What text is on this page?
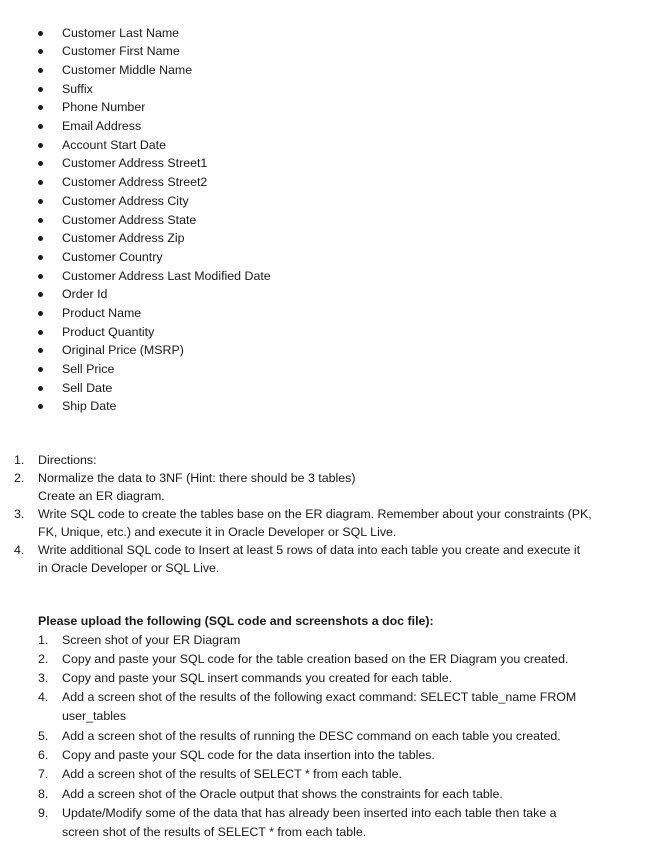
Customer Last Name
Customer First Name
Customer Middle Name
Suffix
Phone Number
Email Address
Account Start Date
Customer Address Street1
Customer Address Street2
Customer Address City
Customer Address State
Customer Address Zip
Customer Country
Customer Address Last Modified Date
Order Id
Product Name
Product Quantity
Original Price (MSRP)
Sell Price
Sell Date
Ship Date
1. Directions:
2. Normalize the data to 3NF (Hint: there should be 3 tables)
Create an ER diagram.
3. Write SQL code to create the tables base on the ER diagram. Remember about your constraints (PK,
FK, Unique, etc.) and execute it in Oracle Developer or SQL Live.
4. Write additional SQL code to Insert at least 5 rows of data into each table you create and execute it
in Oracle Developer or SQL Live.
Please upload the following (SQL code and screenshots a doc file):
1. Screen shot of your ER Diagram
2. Copy and paste your SQL code for the table creation based on the ER Diagram you created.
3. Copy and paste your SQL insert commands you created for each table.
4. Add a screen shot of the results of the following exact command: SELECT table_name FROM
user_tables
5. Add a screen shot of the results of running the DESC command on each table you created.
6. Copy and paste your SQL code for the data insertion into the tables.
7. Add a screen shot of the results of SELECT * from each table.
8. Add a screen shot of the Oracle output that shows the constraints for each table.
9. Update/Modify some of the data that has already been inserted into each table then take a
screen shot of the results of SELECT * from each table.
